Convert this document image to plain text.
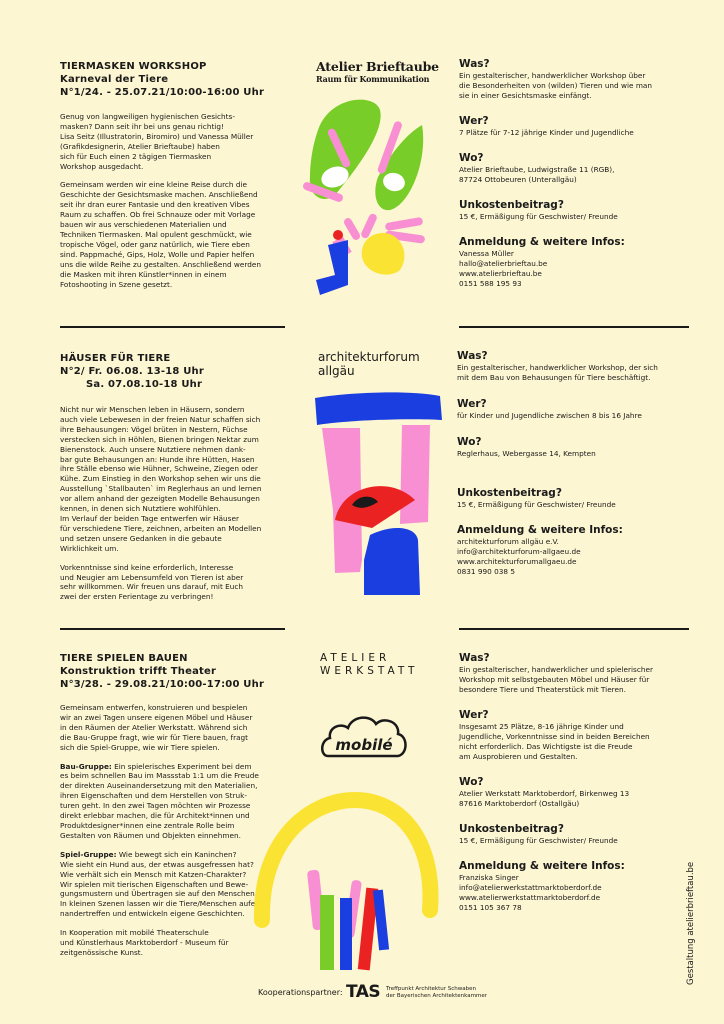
TIERMASKEN WORKSHOP
Karneval der Tiere
N°1/24. - 25.07.21/10:00-16:00 Uhr

Genug von langweiligen hygienischen Gesichts-
masken? Dann seit ihr bei uns genau richtig!
Lisa Seitz (Illustratorin, Biromiro) und Vanessa Müller
(Grafikdesignerin, Atelier Brieftaube) haben
sich für Euch einen 2 tägigen Tiermasken
Workshop ausgedacht.

Gemeinsam werden wir eine kleine Reise durch die
Geschichte der Gesichtsmaske machen. Anschließend
seit ihr dran eurer Fantasie und den kreativen Vibes
Raum zu schaffen. Ob frei Schnauze oder mit Vorlage
bauen wir aus verschiedenen Materialien und
Techniken Tiermasken. Mal opulent geschmückt, wie
tropische Vögel, oder ganz natürlich, wie Tiere eben
sind. Pappmaché, Gips, Holz, Wolle und Papier helfen
uns die wilde Reihe zu gestalten. Anschließend werden
die Masken mit ihren Künstler*innen in einem
Fotoshooting in Szene gesetzt.

Atelier Brieftaube
Raum für Kommunikation
Was?
Ein gestalterischer, handwerklicher Workshop über
die Besonderheiten von (wilden) Tieren und wie man
sie in einer Gesichtsmaske einfängt.
Wer?
7 Plätze für 7-12 jährige Kinder und Jugendliche
Wo?
Atelier Brieftaube, Ludwigstraße 11 (RGB),
87724 Ottobeuren (Unterallgäu)
Unkostenbeitrag?
15 €, Ermäßigung für Geschwister/ Freunde
Anmeldung & weitere Infos:
Vanessa Müller
hallo@atelierbrieftau.be
www.atelierbrieftau.be
0151 588 195 93
HÄUSER FÜR TIERE
N°2/ Fr. 06.08. 13-18 Uhr
Sa. 07.08.10-18 Uhr

Nicht nur wir Menschen leben in Häusern, sondern
auch viele Lebewesen in der freien Natur schaffen sich
ihre Behausungen: Vögel brüten in Nestern, Füchse
verstecken sich in Höhlen, Bienen bringen Nektar zum
Bienenstock. Auch unsere Nutztiere nehmen dank-
bar gute Behausungen an: Hunde ihre Hütten, Hasen
ihre Ställe ebenso wie Hühner, Schweine, Ziegen oder
Kühe. Zum Einstieg in den Workshop sehen wir uns die
Ausstellung `Stallbauten` im Reglerhaus an und lernen
vor allem anhand der gezeigten Modelle Behausungen
kennen, in denen sich Nutztiere wohlfühlen.
Im Verlauf der beiden Tage entwerfen wir Häuser
für verschiedene Tiere, zeichnen, arbeiten an Modellen
und setzen unsere Gedanken in die gebaute
Wirklichkeit um.

Vorkenntnisse sind keine erforderlich, Interesse
und Neugier am Lebensumfeld von Tieren ist aber
sehr willkommen. Wir freuen uns darauf, mit Euch
zwei der ersten Ferientage zu verbringen!

architekturforum
allgäu
Was?
Ein gestalterischer, handwerklicher Workshop, der sich
mit dem Bau von Behausungen für Tiere beschäftigt.
Wer?
für Kinder und Jugendliche zwischen 8 bis 16 Jahre
Wo?
Reglerhaus, Webergasse 14, Kempten
Unkostenbeitrag?
15 €, Ermäßigung für Geschwister/ Freunde
Anmeldung & weitere Infos:
architekturforum allgäu e.V.
info@architekturforum-allgaeu.de
www.architekturforumallgaeu.de
0831 990 038 5
TIERE SPIELEN BAUEN
Konstruktion trifft Theater
N°3/28. - 29.08.21/10:00-17:00 Uhr

Gemeinsam entwerfen, konstruieren und bespielen
wir an zwei Tagen unsere eigenen Möbel und Häuser
in den Räumen der Atelier Werkstatt. Während sich
die Bau-Gruppe fragt, wie wir für Tiere bauen, fragt
sich die Spiel-Gruppe, wie wir Tiere spielen.

Bau-Gruppe: Ein spielerisches Experiment bei dem
es beim schnellen Bau im Massstab 1:1 um die Freude
der direkten Auseinandersetzung mit den Materialien,
ihren Eigenschaften und dem Herstellen von Struk-
turen geht. In den zwei Tagen möchten wir Prozesse
direkt erlebbar machen, die für Architekt*innen und
Produktdesigner*innen eine zentrale Rolle beim
Gestalten von Räumen und Objekten einnehmen.

Spiel-Gruppe: Wie bewegt sich ein Kaninchen?
Wie sieht ein Hund aus, der etwas ausgefressen hat?
Wie verhält sich ein Mensch mit Katzen-Charakter?
Wir spielen mit tierischen Eigenschaften und Bewe-
gungsmustern und Übertragen sie auf den Menschen.
In kleinen Szenen lassen wir die Tiere/Menschen aufei-
nandertreffen und entwickeln eigene Geschichten.

In Kooperation mit mobilé Theaterschule
und Künstlerhaus Marktoberdorf - Museum für
zeitgenössische Kunst.

ATELIER
WERKSTATT
mobilé
Was?
Ein gestalterischer, handwerklicher und spielerischer
Workshop mit selbstgebauten Möbel und Häuser für
besondere Tiere und Theaterstück mit Tieren.
Wer?
Insgesamt 25 Plätze, 8-16 jährige Kinder und
Jugendliche, Vorkenntnisse sind in beiden Bereichen
nicht erforderlich. Das Wichtigste ist die Freude
am Ausprobieren und Gestalten.
Wo?
Atelier Werkstatt Marktoberdorf, Birkenweg 13
87616 Marktoberdorf (Ostallgäu)
Unkostenbeitrag?
15 €, Ermäßigung für Geschwister/ Freunde
Anmeldung & weitere Infos:
Franziska Singer
info@atelierwerkstattmarktoberdorf.de
www.atelierwerkstattmarktoberdorf.de
0151 105 367 78
Kooperationspartner: TAS Treffpunkt Architektur Schwaben
der Bayerischen Architektenkammer
Gestaltung atelierbrieftau.be
